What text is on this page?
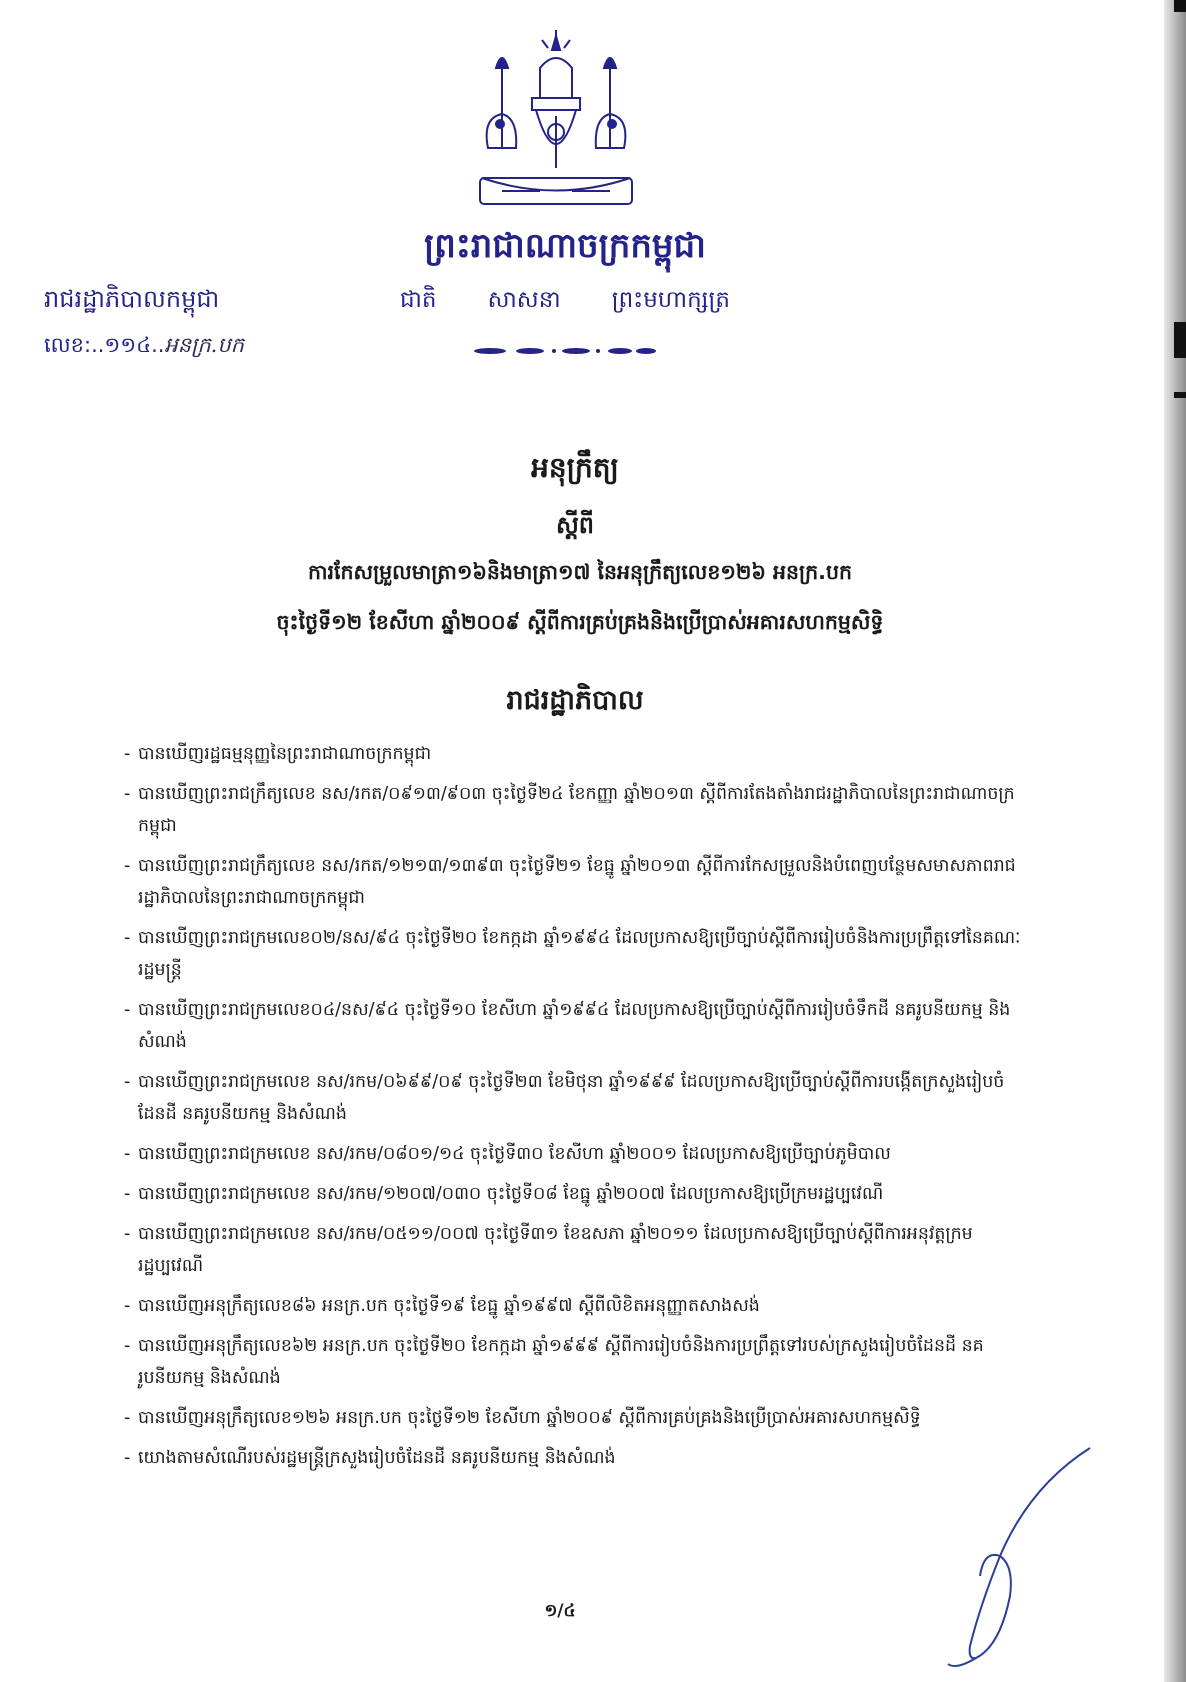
ព្រះរាជាណាចក្រកម្ពុជា
ជាតិ សាសនា ព្រះមហាក្សត្រ
រាជរដ្ឋាភិបាលកម្ពុជា
លេខ:..១១៤..អនក្រ.បក
អនុក្រឹត្យ
ស្តីពី
ការកែសម្រួលមាត្រា១៦និងមាត្រា១៧ នៃអនុក្រឹត្យលេខ១២៦ អនក្រ.បក
ចុះថ្ងៃទី១២ ខែសីហា ឆ្នាំ២០០៩ ស្តីពីការគ្រប់គ្រងនិងប្រើប្រាស់អគារសហកម្មសិទ្ធិ
រាជរដ្ឋាភិបាល
- បានឃើញរដ្ឋធម្មនុញ្ញនៃព្រះរាជាណាចក្រកម្ពុជា
- បានឃើញព្រះរាជក្រឹត្យលេខ នស/រកត/០៩១៣/៩០៣ ចុះថ្ងៃទី២៤ ខែកញ្ញា ឆ្នាំ២០១៣ ស្តីពីការតែងតាំងរាជរដ្ឋាភិបាលនៃព្រះរាជាណាចក្រកម្ពុជា
- បានឃើញព្រះរាជក្រឹត្យលេខ នស/រកត/១២១៣/១៣៩៣ ចុះថ្ងៃទី២១ ខែធ្នូ ឆ្នាំ២០១៣ ស្តីពីការកែសម្រួលនិងបំពេញបន្ថែមសមាសភាពរាជរដ្ឋាភិបាលនៃព្រះរាជាណាចក្រកម្ពុជា
- បានឃើញព្រះរាជក្រមលេខ០២/នស/៩៤ ចុះថ្ងៃទី២០ ខែកក្កដា ឆ្នាំ១៩៩៤ ដែលប្រកាសឱ្យប្រើច្បាប់ស្តីពីការរៀបចំនិងការប្រព្រឹត្តទៅនៃគណៈរដ្ឋមន្ត្រី
- បានឃើញព្រះរាជក្រមលេខ០៤/នស/៩៤ ចុះថ្ងៃទី១០ ខែសីហា ឆ្នាំ១៩៩៤ ដែលប្រកាសឱ្យប្រើច្បាប់ស្តីពីការរៀបចំទឹកដី នគរូបនីយកម្ម និងសំណង់
- បានឃើញព្រះរាជក្រមលេខ នស/រកម/០៦៩៩/០៩ ចុះថ្ងៃទី២៣ ខែមិថុនា ឆ្នាំ១៩៩៩ ដែលប្រកាសឱ្យប្រើច្បាប់ស្តីពីការបង្កើតក្រសួងរៀបចំដែនដី នគរូបនីយកម្ម និងសំណង់
- បានឃើញព្រះរាជក្រមលេខ នស/រកម/០៨០១/១៤ ចុះថ្ងៃទី៣០ ខែសីហា ឆ្នាំ២០០១ ដែលប្រកាសឱ្យប្រើច្បាប់ភូមិបាល
- បានឃើញព្រះរាជក្រមលេខ នស/រកម/១២០៧/០៣០ ចុះថ្ងៃទី០៨ ខែធ្នូ ឆ្នាំ២០០៧ ដែលប្រកាសឱ្យប្រើក្រមរដ្ឋប្បវេណី
- បានឃើញព្រះរាជក្រមលេខ នស/រកម/០៥១១/០០៧ ចុះថ្ងៃទី៣១ ខែឧសភា ឆ្នាំ២០១១ ដែលប្រកាសឱ្យប្រើច្បាប់ស្តីពីការអនុវត្តក្រមរដ្ឋប្បវេណី
- បានឃើញអនុក្រឹត្យលេខ៨៦ អនក្រ.បក ចុះថ្ងៃទី១៩ ខែធ្នូ ឆ្នាំ១៩៩៧ ស្តីពីលិខិតអនុញ្ញាតសាងសង់
- បានឃើញអនុក្រឹត្យលេខ៦២ អនក្រ.បក ចុះថ្ងៃទី២០ ខែកក្កដា ឆ្នាំ១៩៩៩ ស្តីពីការរៀបចំនិងការប្រព្រឹត្តទៅរបស់ក្រសួងរៀបចំដែនដី នគរូបនីយកម្ម និងសំណង់
- បានឃើញអនុក្រឹត្យលេខ១២៦ អនក្រ.បក ចុះថ្ងៃទី១២ ខែសីហា ឆ្នាំ២០០៩ ស្តីពីការគ្រប់គ្រងនិងប្រើប្រាស់អគារសហកម្មសិទ្ធិ
- យោងតាមសំណើរបស់រដ្ឋមន្ត្រីក្រសួងរៀបចំដែនដី នគរូបនីយកម្ម និងសំណង់
១/៤
